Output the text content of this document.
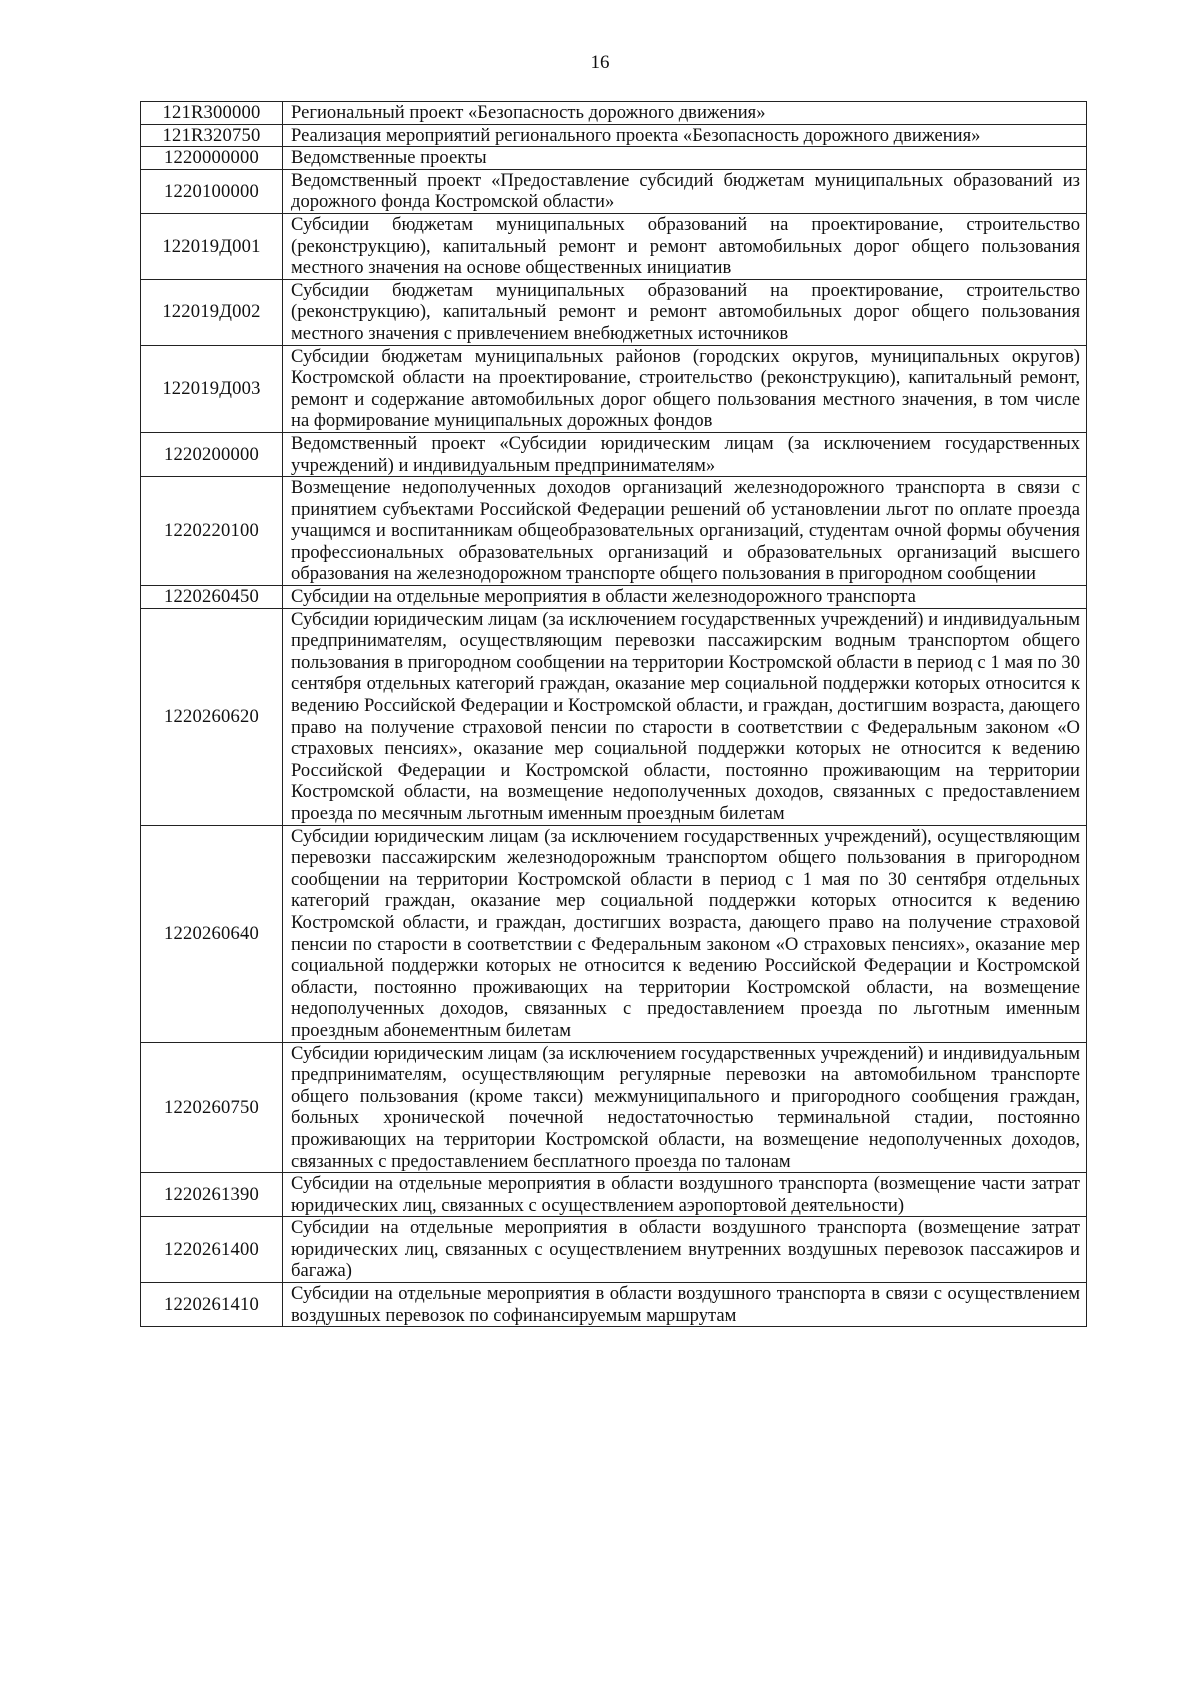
16
121R300000	Региональный проект «Безопасность дорожного движения»
121R320750	Реализация мероприятий регионального проекта «Безопасность дорожного движения»
1220000000	Ведомственные проекты
1220100000	Ведомственный проект «Предоставление субсидий бюджетам муниципальных образований из дорожного фонда Костромской области»
122019Д001	Субсидии бюджетам муниципальных образований на проектирование, строительство (реконструкцию), капитальный ремонт и ремонт автомобильных дорог общего пользования местного значения на основе общественных инициатив
122019Д002	Субсидии бюджетам муниципальных образований на проектирование, строительство (реконструкцию), капитальный ремонт и ремонт автомобильных дорог общего пользования местного значения с привлечением внебюджетных источников
122019Д003	Субсидии бюджетам муниципальных районов (городских округов, муниципальных округов) Костромской области на проектирование, строительство (реконструкцию), капитальный ремонт, ремонт и содержание автомобильных дорог общего пользования местного значения, в том числе на формирование муниципальных дорожных фондов
1220200000	Ведомственный проект «Субсидии юридическим лицам (за исключением государственных учреждений) и индивидуальным предпринимателям»
1220220100	Возмещение недополученных доходов организаций железнодорожного транспорта в связи с принятием субъектами Российской Федерации решений об установлении льгот по оплате проезда учащимся и воспитанникам общеобразовательных организаций, студентам очной формы обучения профессиональных образовательных организаций и образовательных организаций высшего образования на железнодорожном транспорте общего пользования в пригородном сообщении
1220260450	Субсидии на отдельные мероприятия в области железнодорожного транспорта
1220260620	Субсидии юридическим лицам (за исключением государственных учреждений) и индивидуальным предпринимателям, осуществляющим перевозки пассажирским водным транспортом общего пользования в пригородном сообщении на территории Костромской области в период с 1 мая по 30 сентября отдельных категорий граждан, оказание мер социальной поддержки которых относится к ведению Российской Федерации и Костромской области, и граждан, достигшим возраста, дающего право на получение страховой пенсии по старости в соответствии с Федеральным законом «О страховых пенсиях», оказание мер социальной поддержки которых не относится к ведению Российской Федерации и Костромской области, постоянно проживающим на территории Костромской области, на возмещение недополученных доходов, связанных с предоставлением проезда по месячным льготным именным проездным билетам
1220260640	Субсидии юридическим лицам (за исключением государственных учреждений), осуществляющим перевозки пассажирским железнодорожным транспортом общего пользования в пригородном сообщении на территории Костромской области в период с 1 мая по 30 сентября отдельных категорий граждан, оказание мер социальной поддержки которых относится к ведению Костромской области, и граждан, достигших возраста, дающего право на получение страховой пенсии по старости в соответствии с Федеральным законом «О страховых пенсиях», оказание мер социальной поддержки которых не относится к ведению Российской Федерации и Костромской области, постоянно проживающих на территории Костромской области, на возмещение недополученных доходов, связанных с предоставлением проезда по льготным именным проездным абонементным билетам
1220260750	Субсидии юридическим лицам (за исключением государственных учреждений) и индивидуальным предпринимателям, осуществляющим регулярные перевозки на автомобильном транспорте общего пользования (кроме такси) межмуниципального и пригородного сообщения граждан, больных хронической почечной недостаточностью терминальной стадии, постоянно проживающих на территории Костромской области, на возмещение недополученных доходов, связанных с предоставлением бесплатного проезда по талонам
1220261390	Субсидии на отдельные мероприятия в области воздушного транспорта (возмещение части затрат юридических лиц, связанных с осуществлением аэропортовой деятельности)
1220261400	Субсидии на отдельные мероприятия в области воздушного транспорта (возмещение затрат юридических лиц, связанных с осуществлением внутренних воздушных перевозок пассажиров и багажа)
1220261410	Субсидии на отдельные мероприятия в области воздушного транспорта в связи с осуществлением воздушных перевозок по софинансируемым маршрутам
